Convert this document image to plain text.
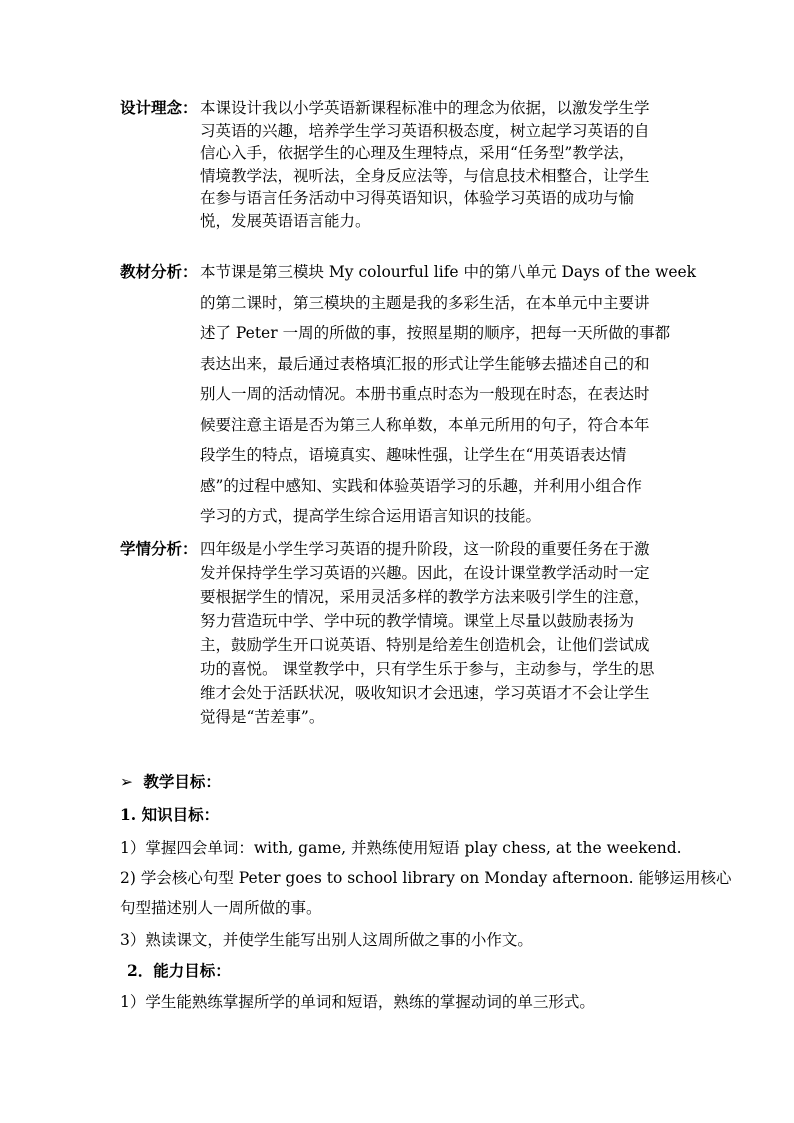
设计理念： 本课设计我以小学英语新课程标准中的理念为依据，以激发学生学
习英语的兴趣，培养学生学习英语积极态度，树立起学习英语的自
信心入手，依据学生的心理及生理特点，采用“任务型”教学法，
情境教学法，视听法，全身反应法等，与信息技术相整合，让学生
在参与语言任务活动中习得英语知识，体验学习英语的成功与愉
悦，发展英语语言能力。
教材分析： 本节课是第三模块 My colourful life 中的第八单元 Days of the week
的第二课时，第三模块的主题是我的多彩生活，在本单元中主要讲
述了 Peter 一周的所做的事，按照星期的顺序，把每一天所做的事都
表达出来，最后通过表格填汇报的形式让学生能够去描述自己的和
别人一周的活动情况。本册书重点时态为一般现在时态，在表达时
候要注意主语是否为第三人称单数，本单元所用的句子，符合本年
段学生的特点，语境真实、趣味性强，让学生在“用英语表达情
感”的过程中感知、实践和体验英语学习的乐趣，并利用小组合作
学习的方式，提高学生综合运用语言知识的技能。
学情分析： 四年级是小学生学习英语的提升阶段，这一阶段的重要任务在于激
发并保持学生学习英语的兴趣。因此，在设计课堂教学活动时一定
要根据学生的情况，采用灵活多样的教学方法来吸引学生的注意，
努力营造玩中学、学中玩的教学情境。课堂上尽量以鼓励表扬为
主，鼓励学生开口说英语、特别是给差生创造机会，让他们尝试成
功的喜悦。 课堂教学中，只有学生乐于参与，主动参与，学生的思
维才会处于活跃状况，吸收知识才会迅速，学习英语才不会让学生
觉得是“苦差事”。
➢ 教学目标：
1. 知识目标：
1）掌握四会单词：with, game, 并熟练使用短语 play chess, at the weekend.
2) 学会核心句型 Peter goes to school library on Monday afternoon. 能够运用核心
句型描述别人一周所做的事。
3）熟读课文，并使学生能写出别人这周所做之事的小作文。
2．能力目标：
1）学生能熟练掌握所学的单词和短语，熟练的掌握动词的单三形式。
